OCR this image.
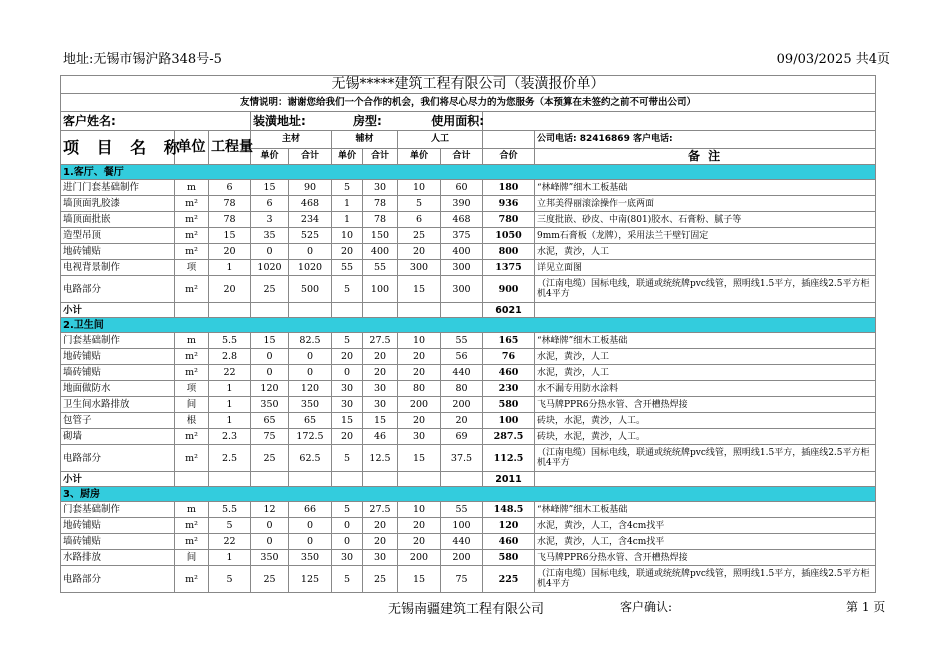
地址:无锡市锡沪路348号-5	09/03/2025 共4页
无锡*****建筑工程有限公司（装潢报价单）										
友情说明：谢谢您给我们一个合作的机会，我们将尽心尽力的为您服务（本预算在未签约之前不可带出公司）										
客户姓名:			装潢地址:						房型: 使用面积:	
项 目 名 称	单位	工程量	主材		辅材		人工			公司电话: 82416869 客户电话:
			单价	合计	单价	合计	单价	合计	合价	备 注
1.客厅、餐厅										
进门门套基础制作	m	6	15	90	5	30	10	60	180	“林峰牌”细木工板基础
墙顶面乳胶漆	m²	78	6	468	1	78	5	390	936	立邦美得丽滚涂操作一底两面
墙顶面批嵌	m²	78	3	234	1	78	6	468	780	三度批嵌、砂皮、中南(801)胶水、石膏粉、腻子等
造型吊顶	m²	15	35	525	10	150	25	375	1050	9mm石膏板（龙牌），采用法兰干壁钉固定
地砖铺贴	m²	20	0	0	20	400	20	400	800	水泥，黄沙，人工
电视背景制作	项	1	1020	1020	55	55	300	300	1375	详见立面图
电路部分	m²	20	25	500	5	100	15	300	900	（江南电缆）国标电线，联通或统统牌pvc线管，照明线1.5平方，插座线2.5平方柜机4平方
小计									6021	
2.卫生间										
门套基础制作	m	5.5	15	82.5	5	27.5	10	55	165	“林峰牌”细木工板基础
地砖铺贴	m²	2.8	0	0	20	20	20	56	76	水泥，黄沙，人工
墙砖铺贴	m²	22	0	0	0	20	20	440	460	水泥，黄沙，人工
地面做防水	项	1	120	120	30	30	80	80	230	水不漏专用防水涂料
卫生间水路排放	间	1	350	350	30	30	200	200	580	飞马牌PPR6分热水管、含开槽热焊接
包管子	根	1	65	65	15	15	20	20	100	砖块，水泥，黄沙，人工。
砌墙	m²	2.3	75	172.5	20	46	30	69	287.5	砖块，水泥，黄沙，人工。
电路部分	m²	2.5	25	62.5	5	12.5	15	37.5	112.5	（江南电缆）国标电线，联通或统统牌pvc线管，照明线1.5平方，插座线2.5平方柜机4平方
小计									2011	
3、厨房										
门套基础制作	m	5.5	12	66	5	27.5	10	55	148.5	“林峰牌”细木工板基础
地砖铺贴	m²	5	0	0	0	20	20	100	120	水泥，黄沙，人工，含4cm找平
墙砖铺贴	m²	22	0	0	0	20	20	440	460	水泥，黄沙，人工，含4cm找平
水路排放	间	1	350	350	30	30	200	200	580	飞马牌PPR6分热水管、含开槽热焊接
电路部分	m²	5	25	125	5	25	15	75	225	（江南电缆）国标电线，联通或统统牌pvc线管，照明线1.5平方，插座线2.5平方柜机4平方
无锡南疆建筑工程有限公司	客户确认:	第 1 页
